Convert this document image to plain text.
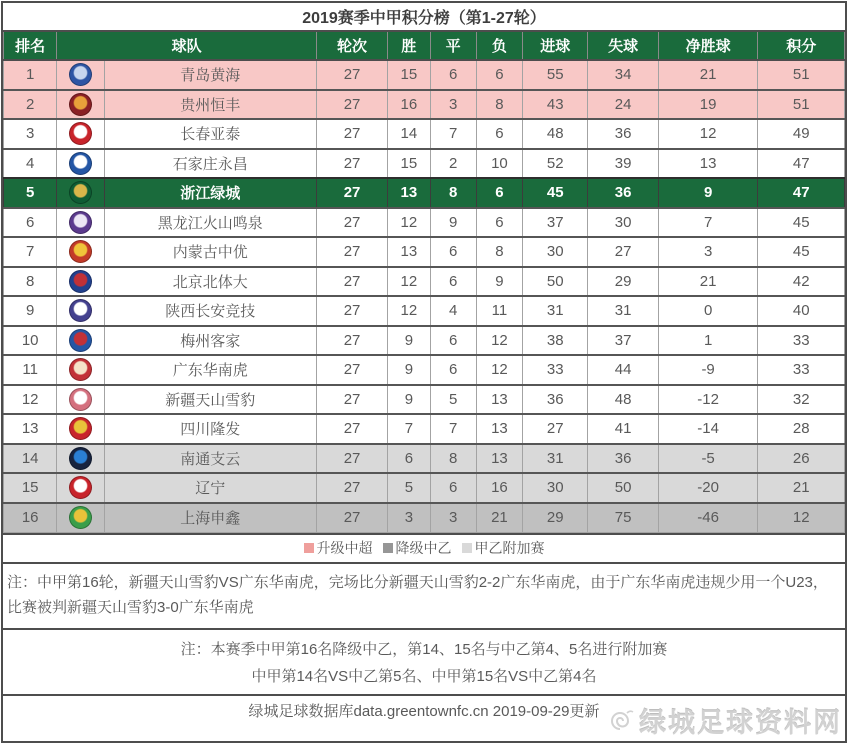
2019赛季中甲积分榜（第1-27轮）
排名	球队		轮次	胜	平	负	进球	失球	净胜球	积分
1		青岛黄海	27	15	6	6	55	34	21	51
2		贵州恒丰	27	16	3	8	43	24	19	51
3		长春亚泰	27	14	7	6	48	36	12	49
4		石家庄永昌	27	15	2	10	52	39	13	47
5		浙江绿城	27	13	8	6	45	36	9	47
6		黑龙江火山鸣泉	27	12	9	6	37	30	7	45
7		内蒙古中优	27	13	6	8	30	27	3	45
8		北京北体大	27	12	6	9	50	29	21	42
9		陕西长安竞技	27	12	4	11	31	31	0	40
10		梅州客家	27	9	6	12	38	37	1	33
11		广东华南虎	27	9	6	12	33	44	-9	33
12		新疆天山雪豹	27	9	5	13	36	48	-12	32
13		四川隆发	27	7	7	13	27	41	-14	28
14		南通支云	27	6	8	13	31	36	-5	26
15		辽宁	27	5	6	16	30	50	-20	21
16		上海申鑫	27	3	3	21	29	75	-46	12
升级中超 降级中乙 甲乙附加赛
注：中甲第16轮，新疆天山雪豹VS广东华南虎，完场比分新疆天山雪豹2-2广东华南虎，由于广东华南虎违规少用一个U23，比赛被判新疆天山雪豹3-0广东华南虎
注：本赛季中甲第16名降级中乙，第14、15名与中乙第4、5名进行附加赛
中甲第14名VS中乙第5名、中甲第15名VS中乙第4名
绿城足球数据库data.greentownfc.cn 2019-09-29更新	绿城足球资料网
